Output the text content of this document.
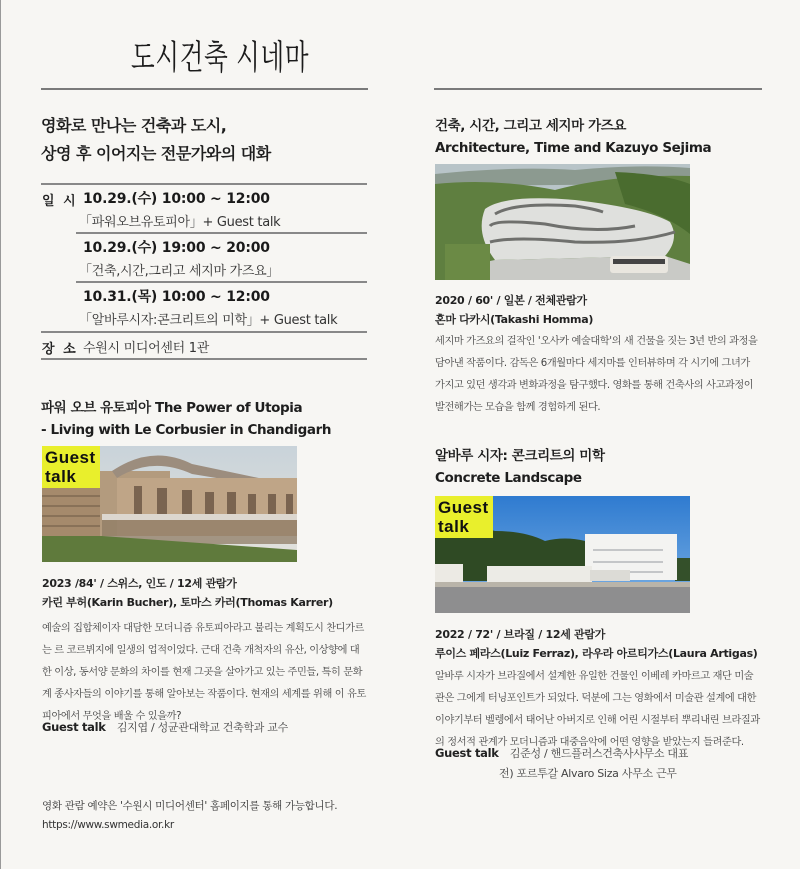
도시건축 시네마
영화로 만나는 건축과 도시,
상영 후 이어지는 전문가와의 대화
일 시 10.29.(수) 10:00 ~ 12:00
「파워오브유토피아」+ Guest talk
10.29.(수) 19:00 ~ 20:00
「건축,시간,그리고 세지마 가즈요」
10.31.(목) 10:00 ~ 12:00
「알바루시자:콘크리트의 미학」+ Guest talk
장 소 수원시 미디어센터 1관
파워 오브 유토피아 The Power of Utopia
- Living with Le Corbusier in Chandigarh
Guest
talk
2023 /84' / 스위스, 인도 / 12세 관람가
카린 부허(Karin Bucher), 토마스 카러(Thomas Karrer)
예술의 집합체이자 대담한 모더니즘 유토피아라고 불리는 계획도시 찬디가르
는 르 코르뷔지에 일생의 업적이었다. 근대 건축 개척자의 유산, 이상향에 대
한 이상, 동서양 문화의 차이를 현재 그곳을 살아가고 있는 주민들, 특히 문화
계 종사자들의 이야기를 통해 알아보는 작품이다. 현재의 세계를 위해 이 유토
피아에서 무엇을 배울 수 있을까?
Guest talk 김지엽 / 성균관대학교 건축학과 교수
건축, 시간, 그리고 세지마 가즈요
Architecture, Time and Kazuyo Sejima
2020 / 60' / 일본 / 전체관람가
혼마 다카시(Takashi Homma)
세지마 가즈요의 걸작인 '오사카 예술대학'의 새 건물을 짓는 3년 반의 과정을
담아낸 작품이다. 감독은 6개월마다 세지마를 인터뷰하며 각 시기에 그녀가
가지고 있던 생각과 변화과정을 탐구했다. 영화를 통해 건축사의 사고과정이
발전해가는 모습을 함께 경험하게 된다.
알바루 시자: 콘크리트의 미학
Concrete Landscape
Guest
talk
2022 / 72' / 브라질 / 12세 관람가
루이스 페라스(Luiz Ferraz), 라우라 아르티가스(Laura Artigas)
알바루 시자가 브라질에서 설계한 유일한 건물인 이베레 카마르고 재단 미술
관은 그에게 터닝포인트가 되었다. 덕분에 그는 영화에서 미술관 설계에 대한
이야기부터 벨렝에서 태어난 아버지로 인해 어린 시절부터 뿌리내린 브라질과
의 정서적 관계가 모더니즘과 대중음악에 어떤 영향을 받았는지 들려준다.
Guest talk 김준성 / 핸드플러스건축사사무소 대표
전) 포르투갈 Alvaro Siza 사무소 근무
영화 관람 예약은 '수원시 미디어센터' 홈페이지를 통해 가능합니다.
https://www.swmedia.or.kr
